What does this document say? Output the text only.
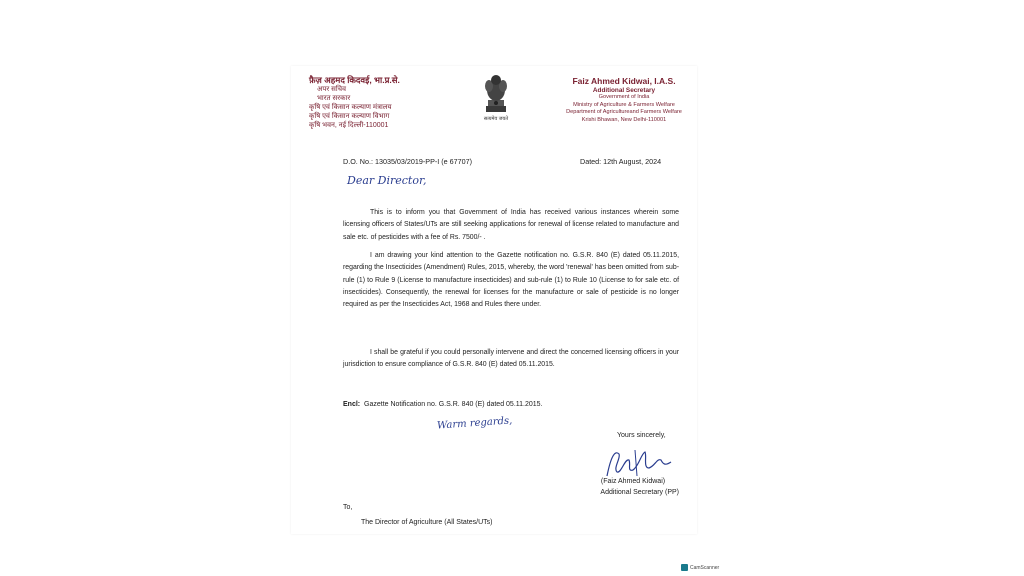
फ़ैज़ अहमद किदवई, भा.प्र.से.
अपर सचिव
भारत सरकार
कृषि एवं किसान कल्याण मंत्रालय
कृषि एवं किसान कल्याण विभाग
कृषि भवन, नई दिल्ली-110001
सत्यमेव जयते
Faiz Ahmed Kidwai, I.A.S.
Additional Secretary
Government of India
Ministry of Agriculture & Farmers Welfare
Department of Agricultureand Farmers Welfare
Krishi Bhawan, New Delhi-110001
D.O. No.: 13035/03/2019-PP-I (e 67707)	Dated: 12th August, 2024
Dear Director,
This is to inform you that Government of India has received various instances wherein some licensing officers of States/UTs are still seeking applications for renewal of license related to manufacture and sale etc. of pesticides with a fee of Rs. 7500/- .
I am drawing your kind attention to the Gazette notification no. G.S.R. 840 (E) dated 05.11.2015, regarding the Insecticides (Amendment) Rules, 2015, whereby, the word 'renewal' has been omitted from sub-rule (1) to Rule 9 (License to manufacture insecticides) and sub-rule (1) to Rule 10 (License to for sale etc. of insecticides). Consequently, the renewal for licenses for the manufacture or sale of pesticide is no longer required as per the Insecticides Act, 1968 and Rules there under.
I shall be grateful if you could personally intervene and direct the concerned licensing officers in your jurisdiction to ensure compliance of G.S.R. 840 (E) dated 05.11.2015.
Encl: Gazette Notification no. G.S.R. 840 (E) dated 05.11.2015.
Warm regards,
Yours sincerely,
(Faiz Ahmed Kidwai)
Additional Secretary (PP)
To,
The Director of Agriculture (All States/UTs)
CamScanner
